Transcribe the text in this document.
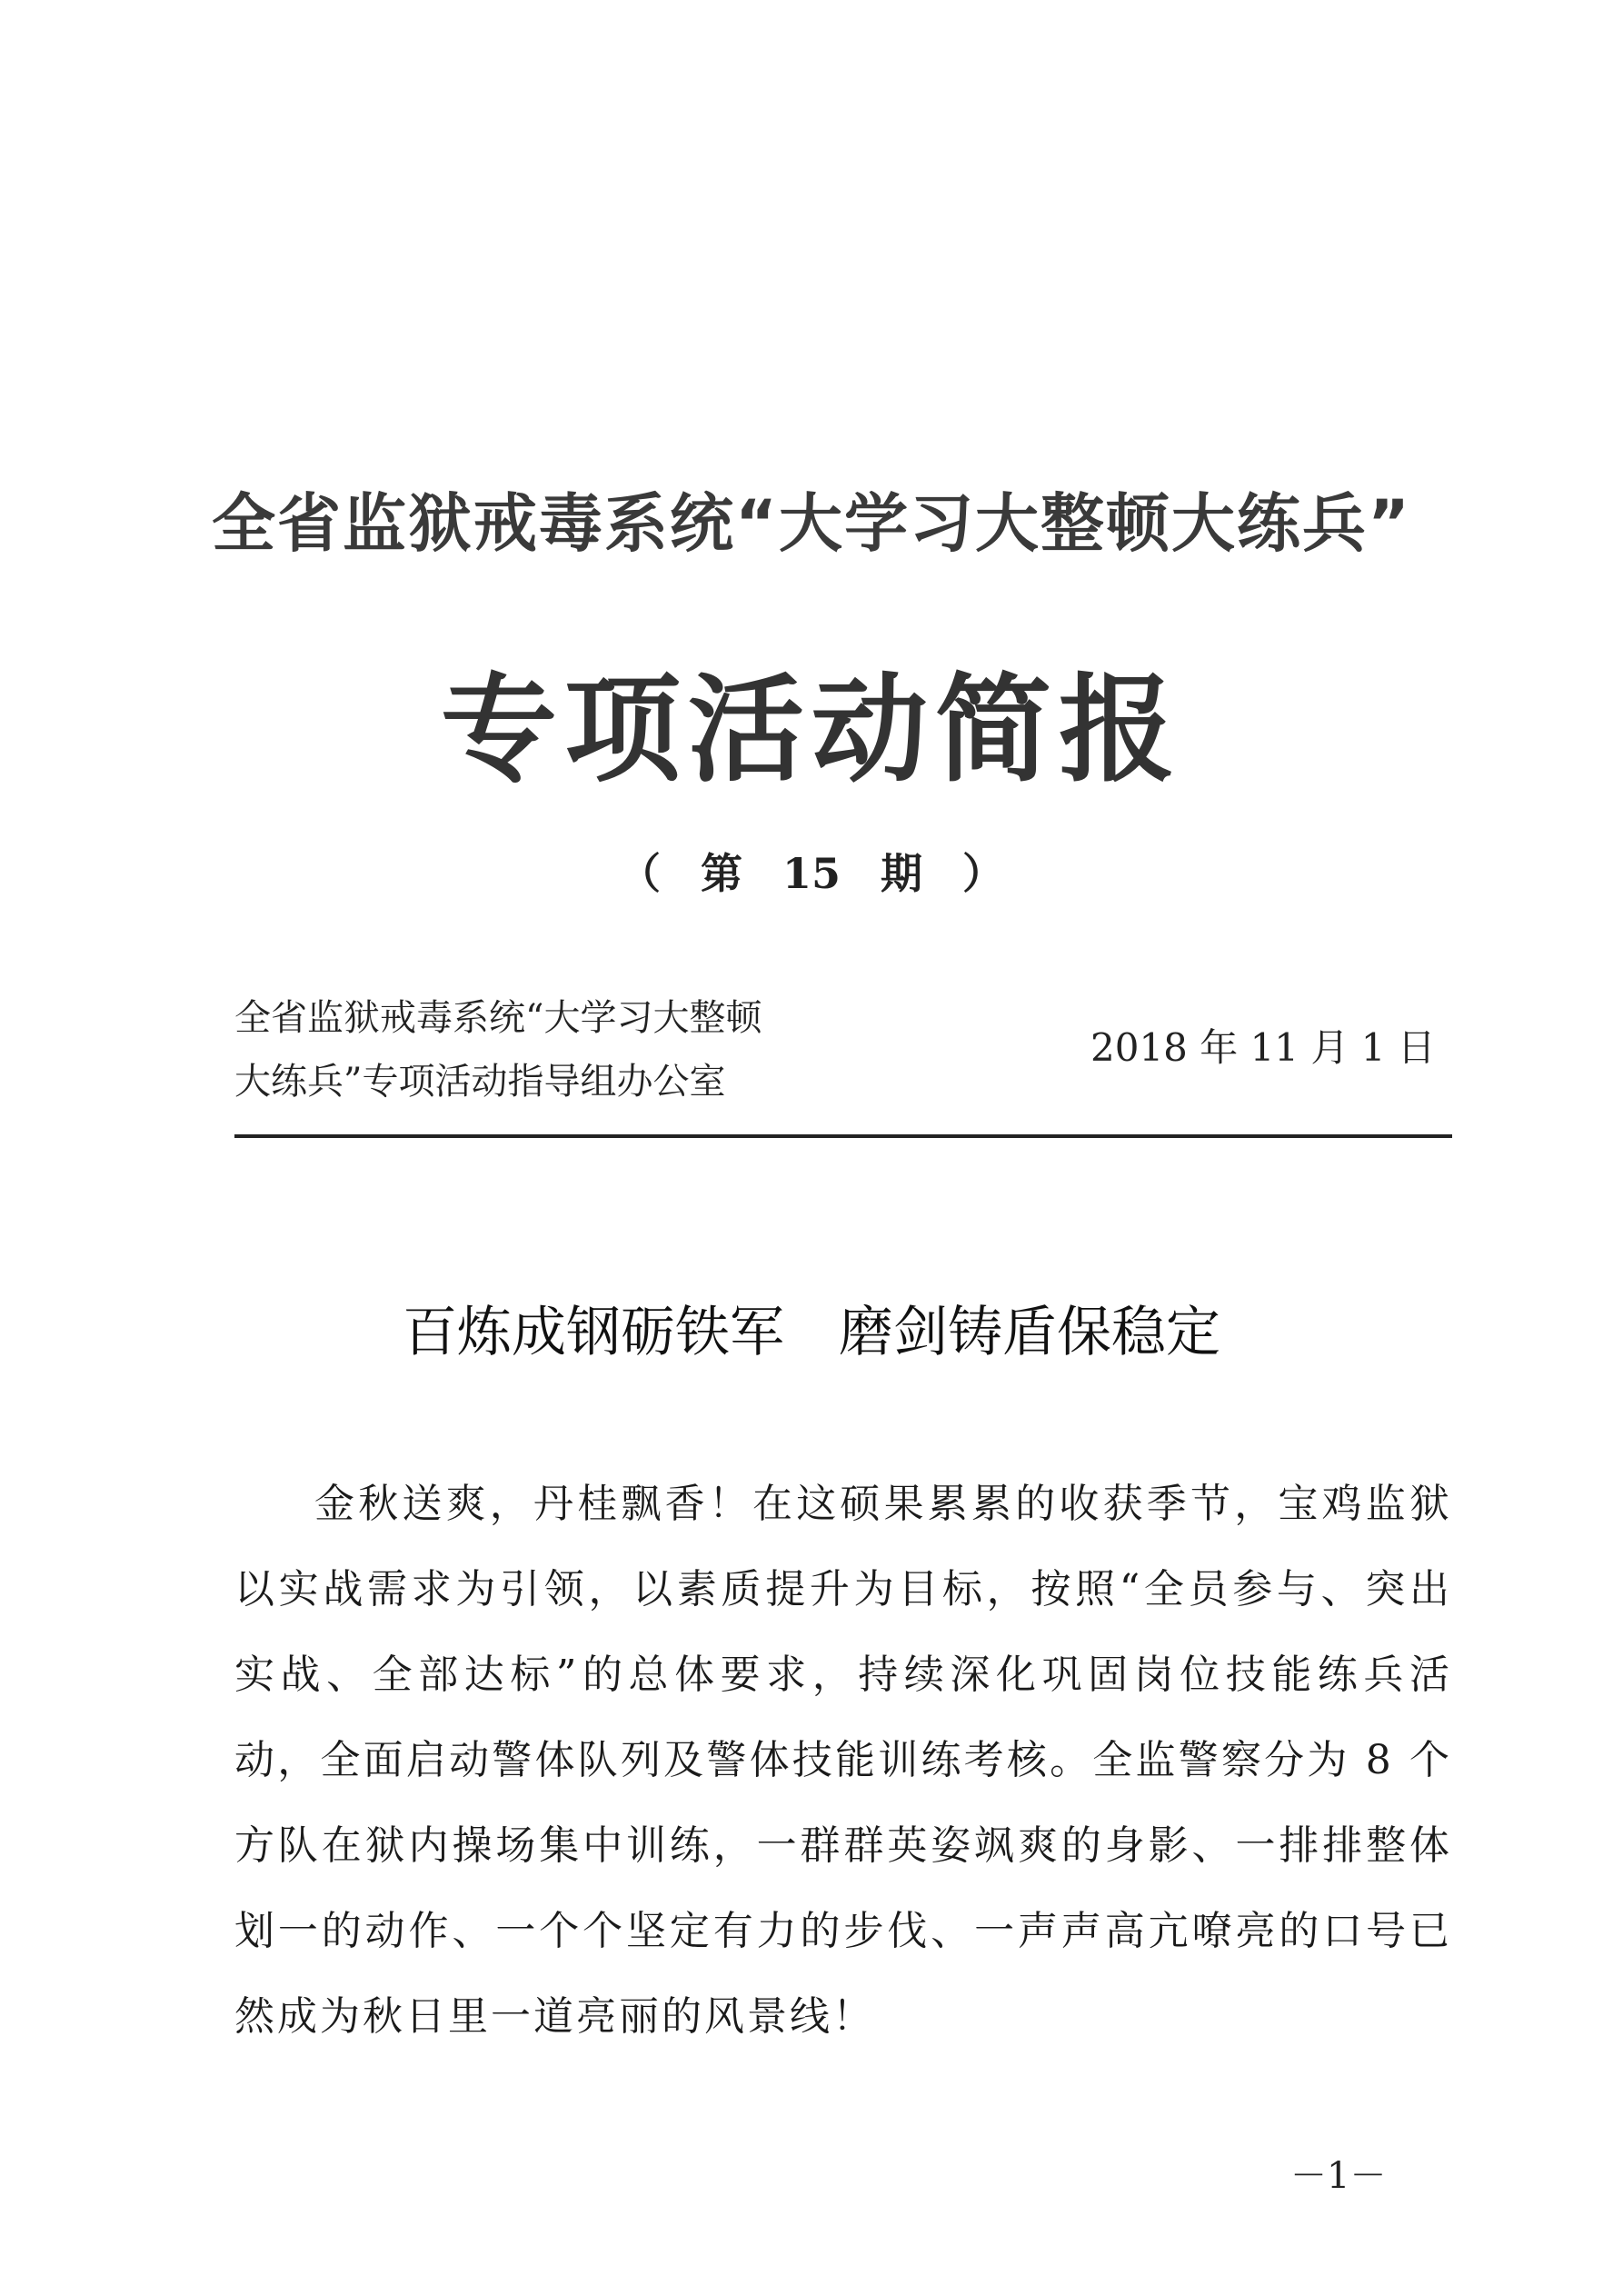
全省监狱戒毒系统“大学习大整顿大练兵”
专项活动简报
（ 第 15 期 ）
全省监狱戒毒系统“大学习大整顿
大练兵”专项活动指导组办公室
2018 年 11 月 1 日
百炼成钢砺铁军 磨剑铸盾保稳定
金秋送爽，丹桂飘香！在这硕果累累的收获季节，宝鸡监狱以实战需求为引领，以素质提升为目标，按照“全员参与、突出实战、全部达标”的总体要求，持续深化巩固岗位技能练兵活动，全面启动警体队列及警体技能训练考核。全监警察分为 8 个方队在狱内操场集中训练，一群群英姿飒爽的身影、一排排整体划一的动作、一个个坚定有力的步伐、一声声高亢嘹亮的口号已然成为秋日里一道亮丽的风景线！
－1－
